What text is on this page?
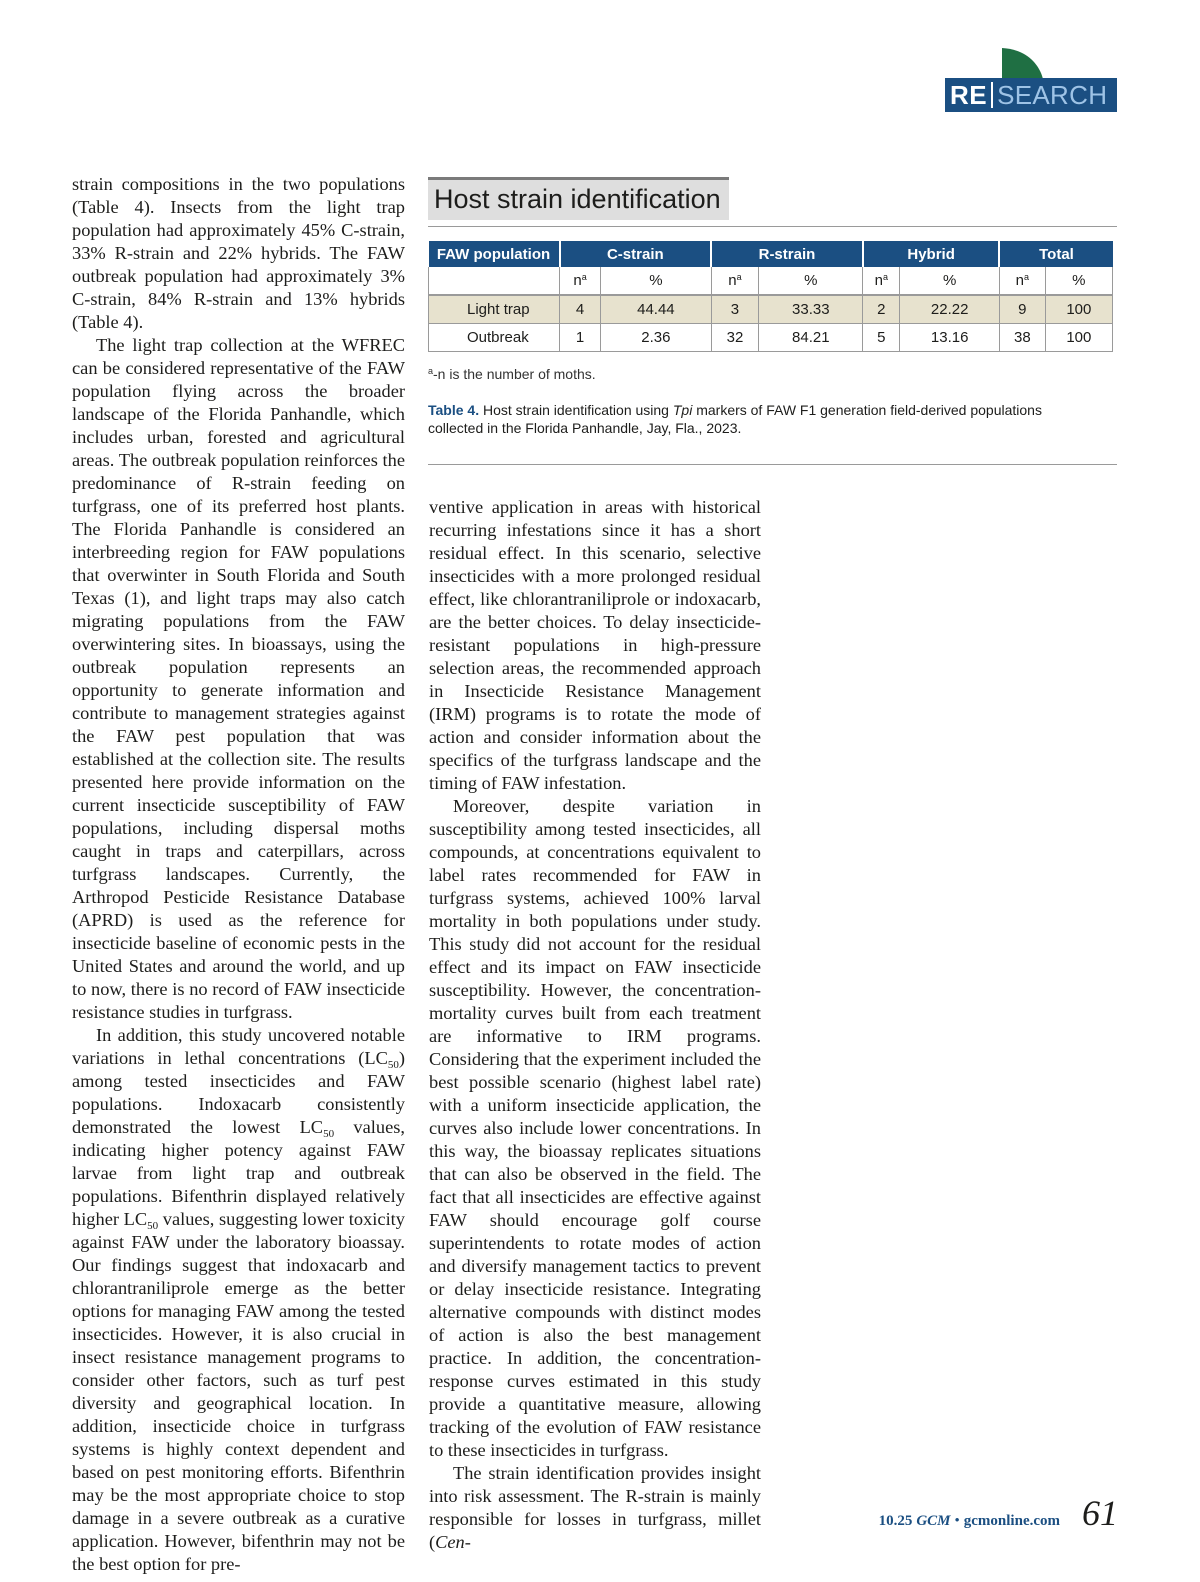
RE SEARCH

strain compositions in the two populations (Table 4). Insects from the light trap population had approximately 45% C-strain, 33% R-strain and 22% hybrids. The FAW outbreak population had approximately 3% C-strain, 84% R-strain and 13% hybrids (Table 4).

The light trap collection at the WFREC can be considered representative of the FAW population flying across the broader landscape of the Florida Panhandle, which includes urban, forested and agricultural areas. The outbreak population reinforces the predominance of R-strain feeding on turfgrass, one of its preferred host plants. The Florida Panhandle is considered an interbreeding region for FAW populations that overwinter in South Florida and South Texas (1), and light traps may also catch migrating populations from the FAW overwintering sites. In bioassays, using the outbreak population represents an opportunity to generate information and contribute to management strategies against the FAW pest population that was established at the collection site. The results presented here provide information on the current insecticide susceptibility of FAW populations, including dispersal moths caught in traps and caterpillars, across turfgrass landscapes. Currently, the Arthropod Pesticide Resistance Database (APRD) is used as the reference for insecticide baseline of economic pests in the United States and around the world, and up to now, there is no record of FAW insecticide resistance studies in turfgrass.

In addition, this study uncovered notable variations in lethal concentrations $(LC_{50})$ among tested insecticides and FAW populations. Indoxacarb consistently demonstrated the lowest $LC_{50}$ values, indicating higher potency against FAW larvae from light trap and outbreak populations. Bifenthrin displayed relatively higher $LC_{50}$ values, suggesting lower toxicity against FAW under the laboratory bioassay. Our findings suggest that indoxacarb and chlorantraniliprole emerge as the better options for managing FAW among the tested insecticides. However, it is also crucial in insect resistance management programs to consider other factors, such as turf pest diversity and geographical location. In addition, insecticide choice in turfgrass systems is highly context dependent and based on pest monitoring efforts. Bifenthrin may be the most appropriate choice to stop damage in a severe outbreak as a curative application. However, bifenthrin may not be the best option for pre-

Host strain identification
FAW population	C-strain		R-strain		Hybrid		Total	
	$n^a$	%	$n^a$	%	$n^a$	%	$n^a$	%
Light trap	4	44.44	3	33.33	2	22.22	9	100
Outbreak	1	2.36	32	84.21	5	13.16	38	100
$^a$-n is the number of moths.
Table 4. Host strain identification using Tpi markers of FAW F1 generation field-derived populations collected in the Florida Panhandle, Jay, Fla., 2023.

ventive application in areas with historical recurring infestations since it has a short residual effect. In this scenario, selective insecticides with a more prolonged residual effect, like chlorantraniliprole or indoxacarb, are the better choices. To delay insecticide-resistant populations in high-pressure selection areas, the recommended approach in Insecticide Resistance Management (IRM) programs is to rotate the mode of action and consider information about the specifics of the turfgrass landscape and the timing of FAW infestation.

Moreover, despite variation in susceptibility among tested insecticides, all compounds, at concentrations equivalent to label rates recommended for FAW in turfgrass systems, achieved 100% larval mortality in both populations under study. This study did not account for the residual effect and its impact on FAW insecticide susceptibility. However, the concentration-mortality curves built from each treatment are informative to IRM programs. Considering that the experiment included the best possible scenario (highest label rate) with a uniform insecticide application, the curves also include lower concentrations. In this way, the bioassay replicates situations that can also be observed in the field. The fact that all insecticides are effective against FAW should encourage golf course superintendents to rotate modes of action and diversify management tactics to prevent or delay insecticide resistance. Integrating alternative compounds with distinct modes of action is also the best management practice. In addition, the concentration-response curves estimated in this study provide a quantitative measure, allowing tracking of the evolution of FAW resistance to these insecticides in turfgrass.

The strain identification provides insight into risk assessment. The R-strain is mainly responsible for losses in turfgrass, millet (Cen-

10.25 GCM • gcmonline.com 61
